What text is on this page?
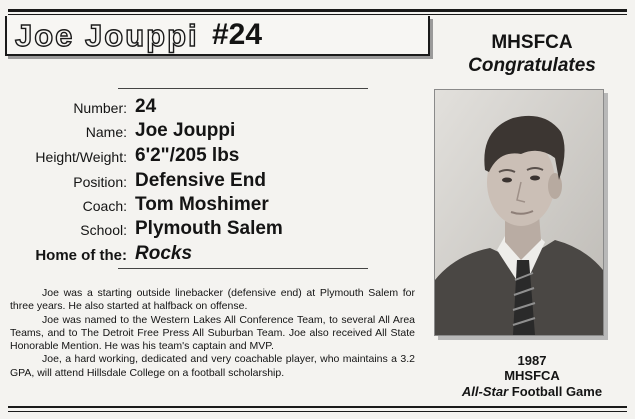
Joe Jouppi #24	MHSFCA
Congratulates
Number: 24
Name: Joe Jouppi
Height/Weight: 6'2"/205 lbs
Position: Defensive End
Coach: Tom Moshimer
School: Plymouth Salem
Home of the: Rocks

Joe was a starting outside linebacker (defensive end) at Plymouth Salem for three years. He also started at halfback on offense.

Joe was named to the Western Lakes All Conference Team, to several All Area Teams, and to The Detroit Free Press All Suburban Team. Joe also received All State Honorable Mention. He was his team's captain and MVP.

Joe, a hard working, dedicated and very coachable player, who maintains a 3.2 GPA, will attend Hillsdale College on a football scholarship.

1987
MHSFCA
All-Star Football Game
